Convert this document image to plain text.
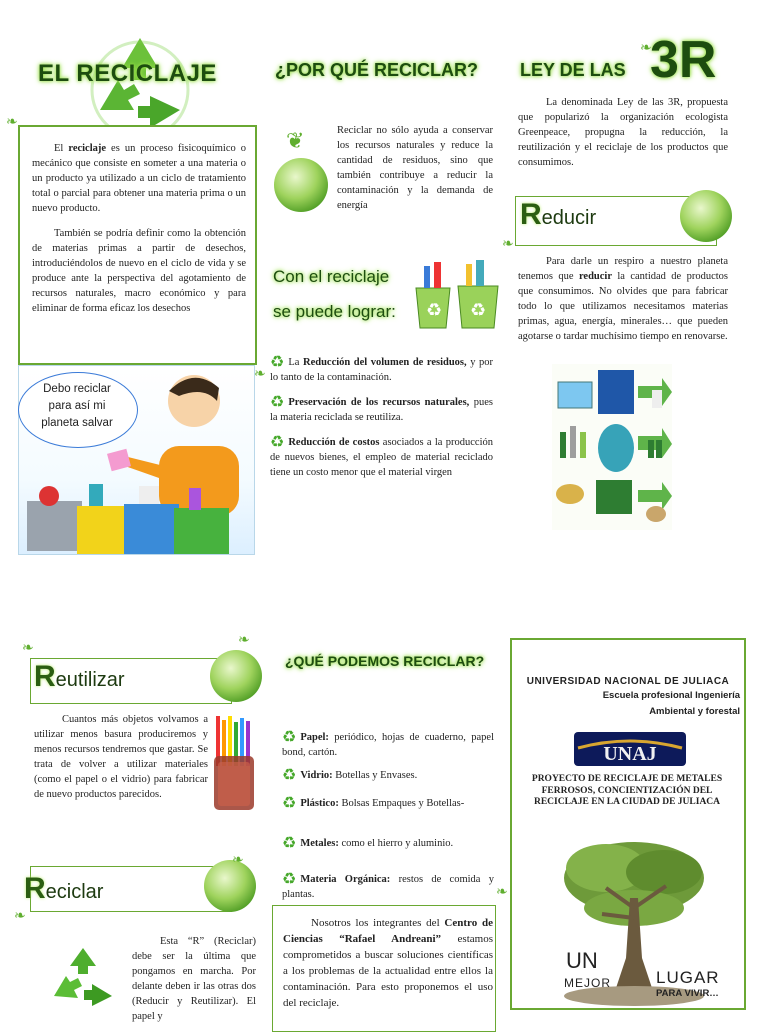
EL RECICLAJE
❧

El reciclaje es un proceso fisicoquímico o mecánico que consiste en someter a una materia o un producto ya utilizado a un ciclo de tratamiento total o parcial para obtener una materia prima o un nuevo producto.

También se podría definir como la obtención de materias primas a partir de desechos, introduciéndolos de nuevo en el ciclo de vida y se produce ante la perspectiva del agotamiento de recursos naturales, macro económico y para eliminar de forma eficaz los desechos

Debo reciclar para así mi planeta salvar
¿POR QUÉ RECICLAR?
❦	Reciclar no sólo ayuda a conservar los recursos naturales y reduce la cantidad de residuos, sino que también contribuye a reducir la contaminación y la demanda de energía
Con el reciclaje
se puede lograr: ♻ ♻
❧
♻ La Reducción del volumen de residuos, y por lo tanto de la contaminación.
♻ Preservación de los recursos naturales, pues la materia reciclada se reutiliza.
♻ Reducción de costos asociados a la producción de nuevos bienes, el empleo de material reciclado tiene un costo menor que el material virgen
LEY DE LAS 3R
❧
La denominada Ley de las 3R, propuesta que popularizó la organización ecologista Greenpeace, propugna la reducción, la reutilización y el reciclaje de los productos que consumimos.
Reducir
❧
Para darle un respiro a nuestro planeta tenemos que reducir la cantidad de productos que consumimos. No olvides que para fabricar todo lo que utilizamos necesitamos materias primas, agua, energía, minerales… que pueden agotarse o tardar muchísimo tiempo en renovarse.
❧
Reutilizar
❧
Cuantos más objetos volvamos a utilizar menos basura produciremos y menos recursos tendremos que gastar. Se trata de volver a utilizar materiales (como el papel o el vidrio) para fabricar de nuevo productos parecidos.
Reciclar
❧
❧
Esta “R” (Reciclar) debe ser la última que pongamos en marcha. Por delante deben ir las otras dos (Reducir y Reutilizar). El papel y
¿QUÉ PODEMOS RECICLAR?
♻ Papel: periódico, hojas de cuaderno, papel bond, cartón.
♻ Vidrio: Botellas y Envases.
♻ Plástico: Bolsas Empaques y Botellas-
♻ Metales: como el hierro y aluminio.
♻ Materia Orgánica: restos de comida y plantas.	❧
Nosotros los integrantes del Centro de Ciencias “Rafael Andreani” estamos comprometidos a buscar soluciones científicas a los problemas de la actualidad entre ellos la contaminación. Para esto proponemos el uso del reciclaje.
UNIVERSIDAD NACIONAL DE JULIACA
Escuela profesional Ingeniería
Ambiental y forestal
UNAJ
PROYECTO DE RECICLAJE DE METALES FERROSOS, CONCIENTIZACIÓN DEL RECICLAJE EN LA CIUDAD DE JULIACA
UN
MEJOR	LUGAR
PARA VIVIR…
